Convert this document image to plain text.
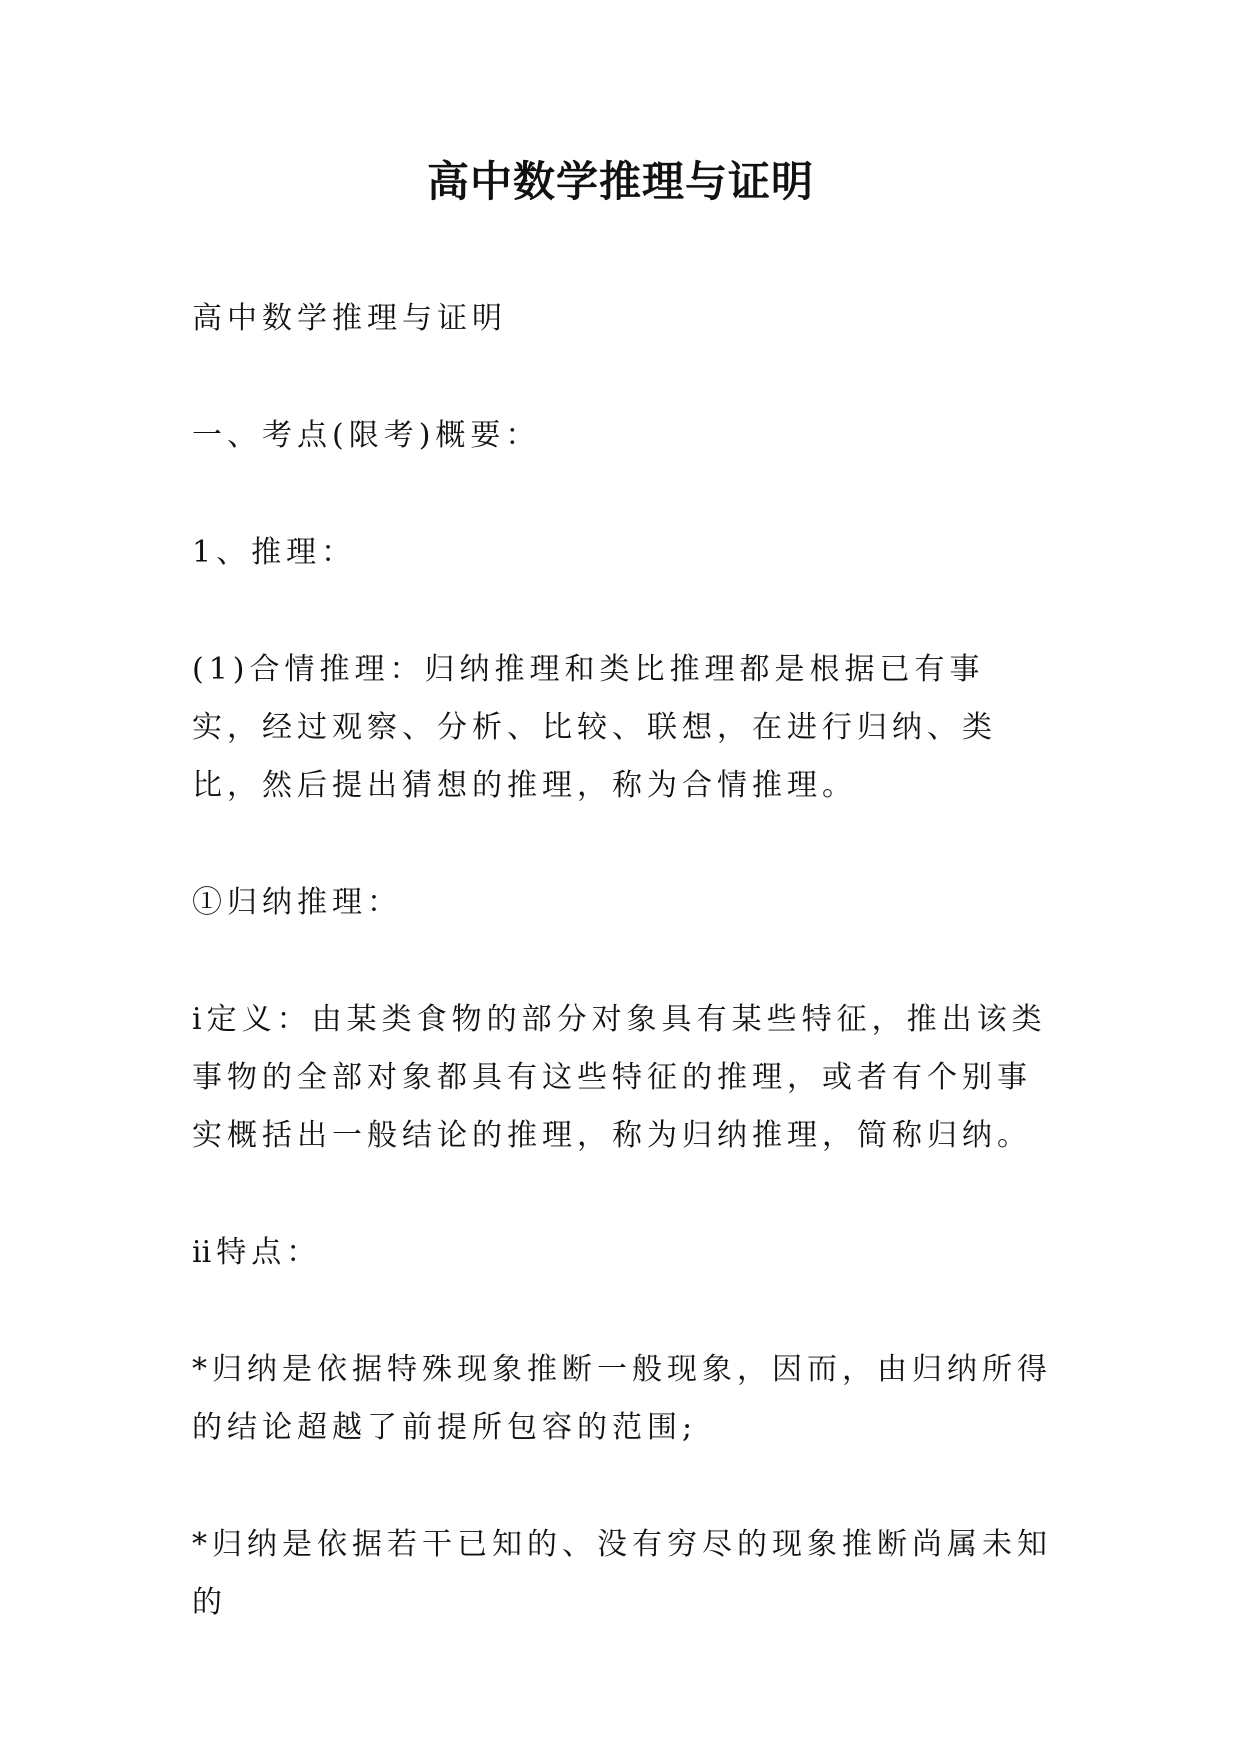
高中数学推理与证明

高中数学推理与证明

一、考点(限考)概要：

1、推理：

(1)合情推理：归纳推理和类比推理都是根据已有事实，经过观察、分析、比较、联想，在进行归纳、类比，然后提出猜想的推理，称为合情推理。

①归纳推理：

ⅰ定义：由某类食物的部分对象具有某些特征，推出该类事物的全部对象都具有这些特征的推理，或者有个别事实概括出一般结论的推理，称为归纳推理，简称归纳。

ⅱ特点：

*归纳是依据特殊现象推断一般现象，因而，由归纳所得的结论超越了前提所包容的范围;

*归纳是依据若干已知的、没有穷尽的现象推断尚属未知的
